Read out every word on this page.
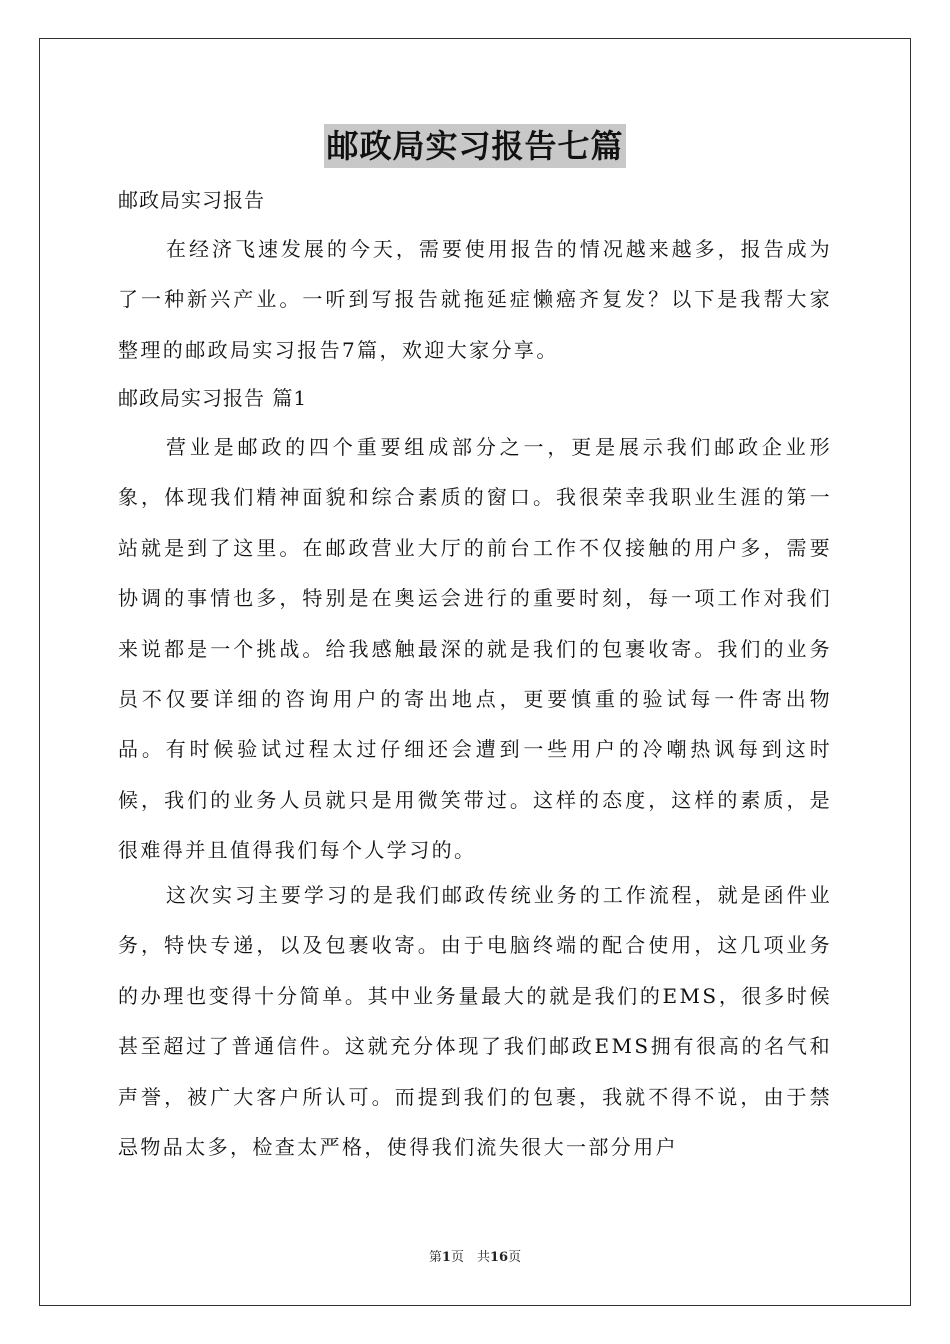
邮政局实习报告七篇
邮政局实习报告

在经济飞速发展的今天，需要使用报告的情况越来越多，报告成为了一种新兴产业。一听到写报告就拖延症懒癌齐复发？以下是我帮大家整理的邮政局实习报告7篇，欢迎大家分享。

邮政局实习报告 篇1

营业是邮政的四个重要组成部分之一，更是展示我们邮政企业形象，体现我们精神面貌和综合素质的窗口。我很荣幸我职业生涯的第一站就是到了这里。在邮政营业大厅的前台工作不仅接触的用户多，需要协调的事情也多，特别是在奥运会进行的重要时刻，每一项工作对我们来说都是一个挑战。给我感触最深的就是我们的包裹收寄。我们的业务员不仅要详细的咨询用户的寄出地点，更要慎重的验试每一件寄出物品。有时候验试过程太过仔细还会遭到一些用户的冷嘲热讽每到这时候，我们的业务人员就只是用微笑带过。这样的态度，这样的素质，是很难得并且值得我们每个人学习的。

这次实习主要学习的是我们邮政传统业务的工作流程，就是函件业务，特快专递，以及包裹收寄。由于电脑终端的配合使用，这几项业务的办理也变得十分简单。其中业务量最大的就是我们的EMS，很多时候甚至超过了普通信件。这就充分体现了我们邮政EMS拥有很高的名气和声誉，被广大客户所认可。而提到我们的包裹，我就不得不说，由于禁忌物品太多，检查太严格，使得我们流失很大一部分用户

第1页　共16页
